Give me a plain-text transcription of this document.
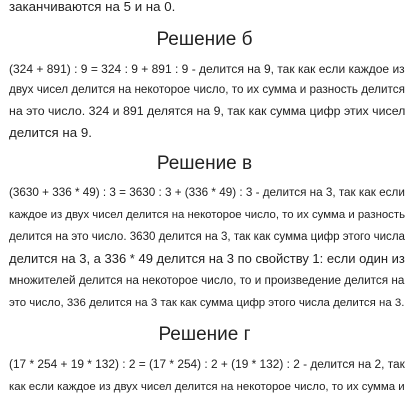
заканчиваются на 5 и на 0.
Решение б
(324 + 891) : 9 = 324 : 9 + 891 : 9 - делится на 9, так как если каждое из
двух чисел делится на некоторое число, то их сумма и разность делится
на это число. 324 и 891 делятся на 9, так как сумма цифр этих чисел
делится на 9.
Решение в
(3630 + 336 * 49) : 3 = 3630 : 3 + (336 * 49) : 3 - делится на 3, так как если
каждое из двух чисел делится на некоторое число, то их сумма и разность
делится на это число. 3630 делится на 3, так как сумма цифр этого числа
делится на 3, а 336 * 49 делится на 3 по свойству 1: если один из
множителей делится на некоторое число, то и произведение делится на
это число, 336 делится на 3 так как сумма цифр этого числа делится на 3.
Решение г
(17 * 254 + 19 * 132) : 2 = (17 * 254) : 2 + (19 * 132) : 2 - делится на 2, так
как если каждое из двух чисел делится на некоторое число, то их сумма и
